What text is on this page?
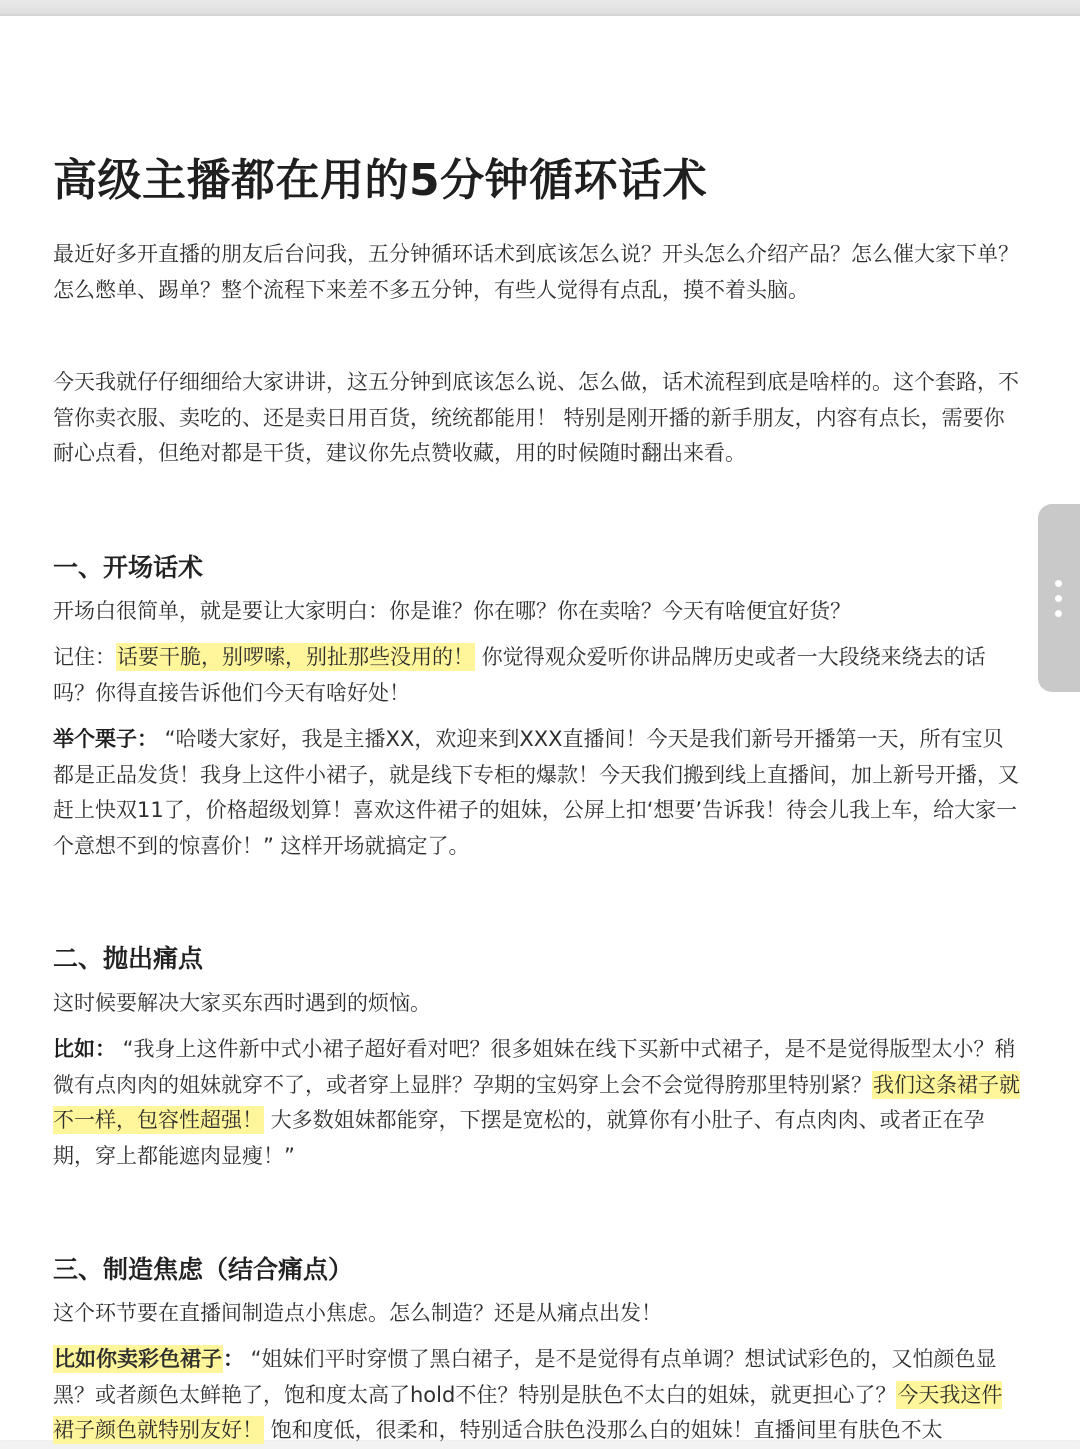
高级主播都在用的5分钟循环话术

最近好多开直播的朋友后台问我，五分钟循环话术到底该怎么说？开头怎么介绍产品？怎么催大家下单？怎么憋单、踢单？整个流程下来差不多五分钟，有些人觉得有点乱，摸不着头脑。

今天我就仔仔细细给大家讲讲，这五分钟到底该怎么说、怎么做，话术流程到底是啥样的。这个套路，不管你卖衣服、卖吃的、还是卖日用百货，统统都能用！ 特别是刚开播的新手朋友，内容有点长，需要你耐心点看，但绝对都是干货，建议你先点赞收藏，用的时候随时翻出来看。

一、开场话术

开场白很简单，就是要让大家明白：你是谁？你在哪？你在卖啥？今天有啥便宜好货？

记住：话要干脆，别啰嗦，别扯那些没用的！ 你觉得观众爱听你讲品牌历史或者一大段绕来绕去的话吗？你得直接告诉他们今天有啥好处！

举个栗子： “哈喽大家好，我是主播XX，欢迎来到XXX直播间！今天是我们新号开播第一天，所有宝贝都是正品发货！我身上这件小裙子，就是线下专柜的爆款！今天我们搬到线上直播间，加上新号开播，又赶上快双11了，价格超级划算！喜欢这件裙子的姐妹，公屏上扣‘想要’告诉我！待会儿我上车，给大家一个意想不到的惊喜价！” 这样开场就搞定了。

二、抛出痛点

这时候要解决大家买东西时遇到的烦恼。

比如： “我身上这件新中式小裙子超好看对吧？很多姐妹在线下买新中式裙子，是不是觉得版型太小？稍微有点肉肉的姐妹就穿不了，或者穿上显胖？孕期的宝妈穿上会不会觉得胯那里特别紧？我们这条裙子就不一样，包容性超强！ 大多数姐妹都能穿，下摆是宽松的，就算你有小肚子、有点肉肉、或者正在孕期，穿上都能遮肉显瘦！”

三、制造焦虑（结合痛点）

这个环节要在直播间制造点小焦虑。怎么制造？还是从痛点出发！

比如你卖彩色裙子： “姐妹们平时穿惯了黑白裙子，是不是觉得有点单调？想试试彩色的，又怕颜色显黑？或者颜色太鲜艳了，饱和度太高了hold不住？特别是肤色不太白的姐妹，就更担心了？今天我这件裙子颜色就特别友好！ 饱和度低，很柔和，特别适合肤色没那么白的姐妹！直播间里有肤色不太
